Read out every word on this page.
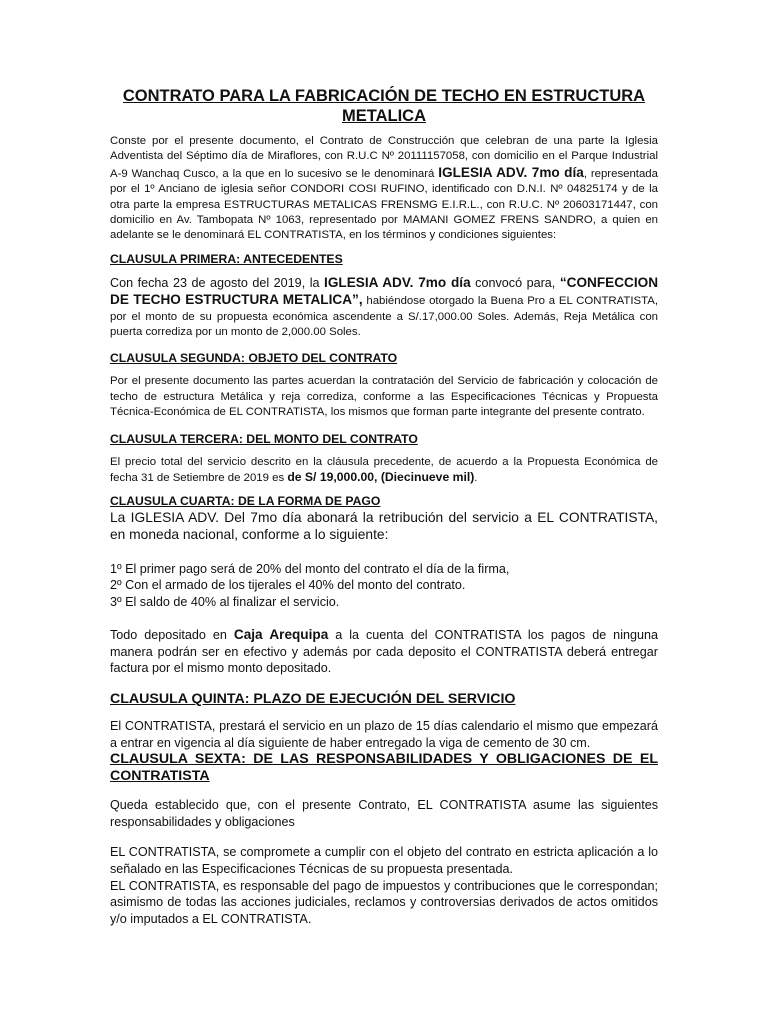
CONTRATO PARA LA FABRICACIÓN DE TECHO EN ESTRUCTURA METALICA

Conste por el presente documento, el Contrato de Construcción que celebran de una parte la Iglesia Adventista del Séptimo día de Miraflores, con R.U.C Nº 20111157058, con domicilio en el Parque Industrial A-9 Wanchaq Cusco, a la que en lo sucesivo se le denominará IGLESIA ADV. 7mo día, representada por el 1º Anciano de iglesia señor CONDORI COSI RUFINO, identificado con D.N.I. Nº 04825174 y de la otra parte la empresa ESTRUCTURAS METALICAS FRENSMG E.I.R.L., con R.U.C. Nº 20603171447, con domicilio en Av. Tambopata Nº 1063, representado por MAMANI GOMEZ FRENS SANDRO, a quien en adelante se le denominará EL CONTRATISTA, en los términos y condiciones siguientes:

CLAUSULA PRIMERA: ANTECEDENTES

Con fecha 23 de agosto del 2019, la IGLESIA ADV. 7mo día convocó para, “CONFECCION DE TECHO ESTRUCTURA METALICA”, habiéndose otorgado la Buena Pro a EL CONTRATISTA, por el monto de su propuesta económica ascendente a S/.17,000.00 Soles. Además, Reja Metálica con puerta corrediza por un monto de 2,000.00 Soles.

CLAUSULA SEGUNDA: OBJETO DEL CONTRATO

Por el presente documento las partes acuerdan la contratación del Servicio de fabricación y colocación de techo de estructura Metálica y reja corrediza, conforme a las Especificaciones Técnicas y Propuesta Técnica-Económica de EL CONTRATISTA, los mismos que forman parte integrante del presente contrato.

CLAUSULA TERCERA: DEL MONTO DEL CONTRATO

El precio total del servicio descrito en la cláusula precedente, de acuerdo a la Propuesta Económica de fecha 31 de Setiembre de 2019 es de S/ 19,000.00, (Diecinueve mil).

CLAUSULA CUARTA: DE LA FORMA DE PAGO

La IGLESIA ADV. Del 7mo día abonará la retribución del servicio a EL CONTRATISTA, en moneda nacional, conforme a lo siguiente:

1º El primer pago será de 20% del monto del contrato el día de la firma,

2º Con el armado de los tijerales el 40% del monto del contrato.

3º El saldo de 40% al finalizar el servicio.

Todo depositado en Caja Arequipa a la cuenta del CONTRATISTA los pagos de ninguna manera podrán ser en efectivo y además por cada deposito el CONTRATISTA deberá entregar factura por el mismo monto depositado.

CLAUSULA QUINTA: PLAZO DE EJECUCIÓN DEL SERVICIO

El CONTRATISTA, prestará el servicio en un plazo de 15 días calendario el mismo que empezará a entrar en vigencia al día siguiente de haber entregado la viga de cemento de 30 cm.

CLAUSULA SEXTA: DE LAS RESPONSABILIDADES Y OBLIGACIONES DE EL CONTRATISTA

Queda establecido que, con el presente Contrato, EL CONTRATISTA asume las siguientes responsabilidades y obligaciones

EL CONTRATISTA, se compromete a cumplir con el objeto del contrato en estricta aplicación a lo señalado en las Especificaciones Técnicas de su propuesta presentada.

EL CONTRATISTA, es responsable del pago de impuestos y contribuciones que le correspondan; asimismo de todas las acciones judiciales, reclamos y controversias derivados de actos omitidos y/o imputados a EL CONTRATISTA.
